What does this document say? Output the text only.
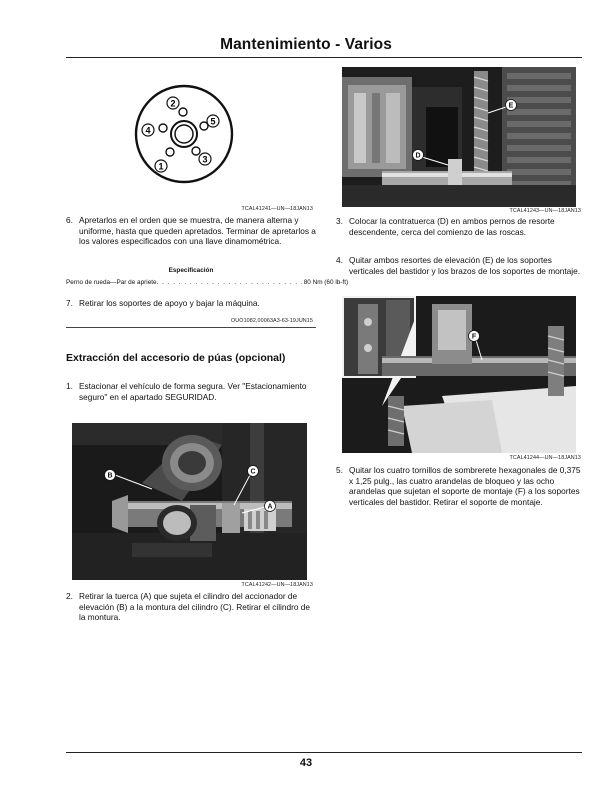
Mantenimiento - Varios
2
5
3
1
4
TCAL41241—UN—18JAN13
6. Apretarlos en el orden que se muestra, de manera alterna y uniforme, hasta que queden apretados. Terminar de apretarlos a los valores especificados con una llave dinamométrica.
Especificación
Perno de rueda—Par de apriete . . . . . . . . . . . . . . . . . . . . . . . . . . . 80 Nm (60 lb-ft)
7. Retirar los soportes de apoyo y bajar la máquina.
OUO1082,00063A3-63-19JUN15
Extracción del accesorio de púas (opcional)
1. Estacionar el vehículo de forma segura. Ver "Estacionamiento seguro" en el apartado SEGURIDAD.
B
C
A
TCAL41242—UN—18JAN13
2. Retirar la tuerca (A) que sujeta el cilindro del accionador de elevación (B) a la montura del cilindro (C). Retirar el cilindro de la montura.
D
E
TCAL41243—UN—18JAN13
3. Colocar la contratuerca (D) en ambos pernos de resorte descendente, cerca del comienzo de las roscas.
4. Quitar ambos resortes de elevación (E) de los soportes verticales del bastidor y los brazos de los soportes de montaje.
F
TCAL41244—UN—18JAN13
5. Quitar los cuatro tornillos de sombrerete hexagonales de 0,375 x 1,25 pulg., las cuatro arandelas de bloqueo y las ocho arandelas que sujetan el soporte de montaje (F) a los soportes verticales del bastidor. Retirar el soporte de montaje.
43
